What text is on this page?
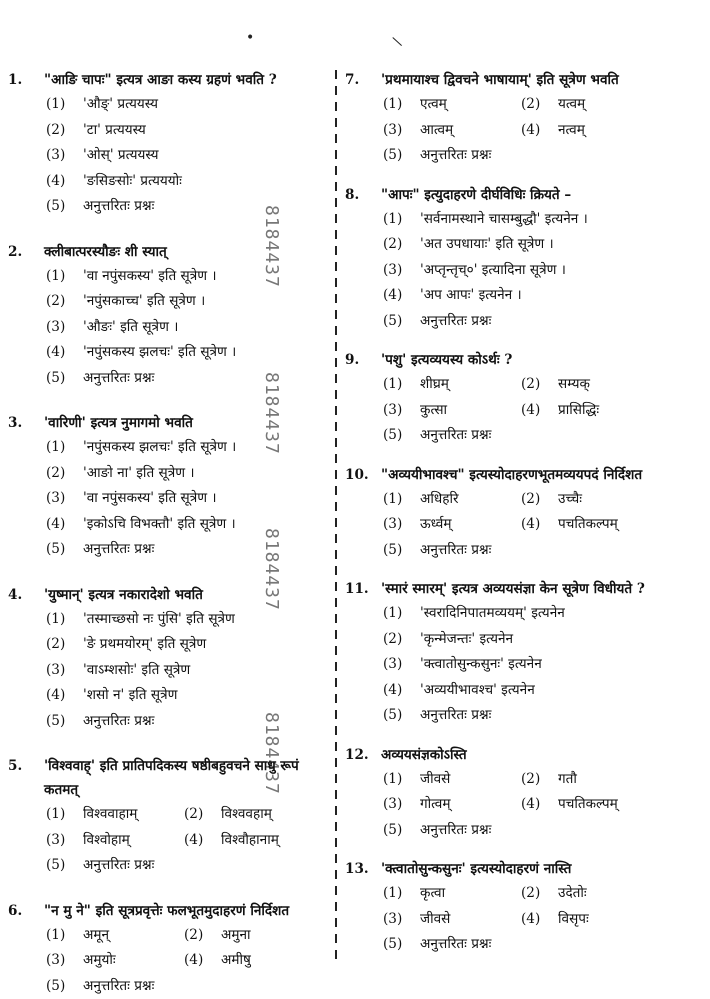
•	\
8184437
8184437
8184437
8184437
1.	"आङि चापः" इत्यत्र आङा कस्य ग्रहणं भवति ?
(1)	'औङ्' प्रत्ययस्य
(2)	'टा' प्रत्ययस्य
(3)	'ओस्' प्रत्ययस्य
(4)	'ङसिङसोः' प्रत्यययोः
(5)	अनुत्तरितः प्रश्नः
2.	क्लीबात्परस्यौङः शी स्यात्
(1)	'वा नपुंसकस्य' इति सूत्रेण ।
(2)	'नपुंसकाच्च' इति सूत्रेण ।
(3)	'औङः' इति सूत्रेण ।
(4)	'नपुंसकस्य झलचः' इति सूत्रेण ।
(5)	अनुत्तरितः प्रश्नः
3.	'वारिणी' इत्यत्र नुमागमो भवति
(1)	'नपुंसकस्य झलचः' इति सूत्रेण ।
(2)	'आङो ना' इति सूत्रेण ।
(3)	'वा नपुंसकस्य' इति सूत्रेण ।
(4)	'इकोऽचि विभक्तौ' इति सूत्रेण ।
(5)	अनुत्तरितः प्रश्नः
4.	'युष्मान्' इत्यत्र नकारादेशो भवति
(1)	'तस्माच्छसो नः पुंसि' इति सूत्रेण
(2)	'ङे प्रथमयोरम्' इति सूत्रेण
(3)	'वाऽम्शसोः' इति सूत्रेण
(4)	'शसो न' इति सूत्रेण
(5)	अनुत्तरितः प्रश्नः
5.	'विश्ववाह्' इति प्रातिपदिकस्य षष्ठीबहुवचने साधु रूपं कतमत्
(1)	विश्ववाहाम्	(2)	विश्ववहाम्
(3)	विश्वोहाम्	(4)	विश्वौहानाम्
(5)	अनुत्तरितः प्रश्नः
6.	"न मु ने" इति सूत्रप्रवृत्तेः फलभूतमुदाहरणं निर्दिशत
(1)	अमून्	(2)	अमुना
(3)	अमुयोः	(4)	अमीषु
(5)	अनुत्तरितः प्रश्नः
7.	'प्रथमायाश्च द्विवचने भाषायाम्' इति सूत्रेण भवति
(1)	एत्वम्	(2)	यत्वम्
(3)	आत्वम्	(4)	नत्वम्
(5)	अनुत्तरितः प्रश्नः
8.	"आपः" इत्युदाहरणे दीर्घविधिः क्रियते –
(1)	'सर्वनामस्थाने चासम्बुद्धौ' इत्यनेन ।
(2)	'अत उपधायाः' इति सूत्रेण ।
(3)	'अप्तृन्तृच्०' इत्यादिना सूत्रेण ।
(4)	'अप आपः' इत्यनेन ।
(5)	अनुत्तरितः प्रश्नः
9.	'पशु' इत्यव्ययस्य कोऽर्थः ?
(1)	शीघ्रम्	(2)	सम्यक्
(3)	कुत्सा	(4)	प्रासिद्धिः
(5)	अनुत्तरितः प्रश्नः
10. "अव्ययीभावश्च" इत्यस्योदाहरणभूतमव्ययपदं निर्दिशत
(1)	अधिहरि	(2)	उच्चैः
(3)	ऊर्ध्वम्	(4)	पचतिकल्पम्
(5)	अनुत्तरितः प्रश्नः
11. 'स्मारं स्मारम्' इत्यत्र अव्ययसंज्ञा केन सूत्रेण विधीयते ?
(1)	'स्वरादिनिपातमव्ययम्' इत्यनेन
(2)	'कृन्मेजन्तः' इत्यनेन
(3)	'क्त्वातोसुन्कसुनः' इत्यनेन
(4)	'अव्ययीभावश्च' इत्यनेन
(5)	अनुत्तरितः प्रश्नः
12. अव्ययसंज्ञकोऽस्ति
(1)	जीवसे	(2)	गतौ
(3)	गोत्वम्	(4)	पचतिकल्पम्
(5)	अनुत्तरितः प्रश्नः
13. 'क्त्वातोसुन्कसुनः' इत्यस्योदाहरणं नास्ति
(1)	कृत्वा	(2)	उदेतोः
(3)	जीवसे	(4)	विसृपः
(5)	अनुत्तरितः प्रश्नः
